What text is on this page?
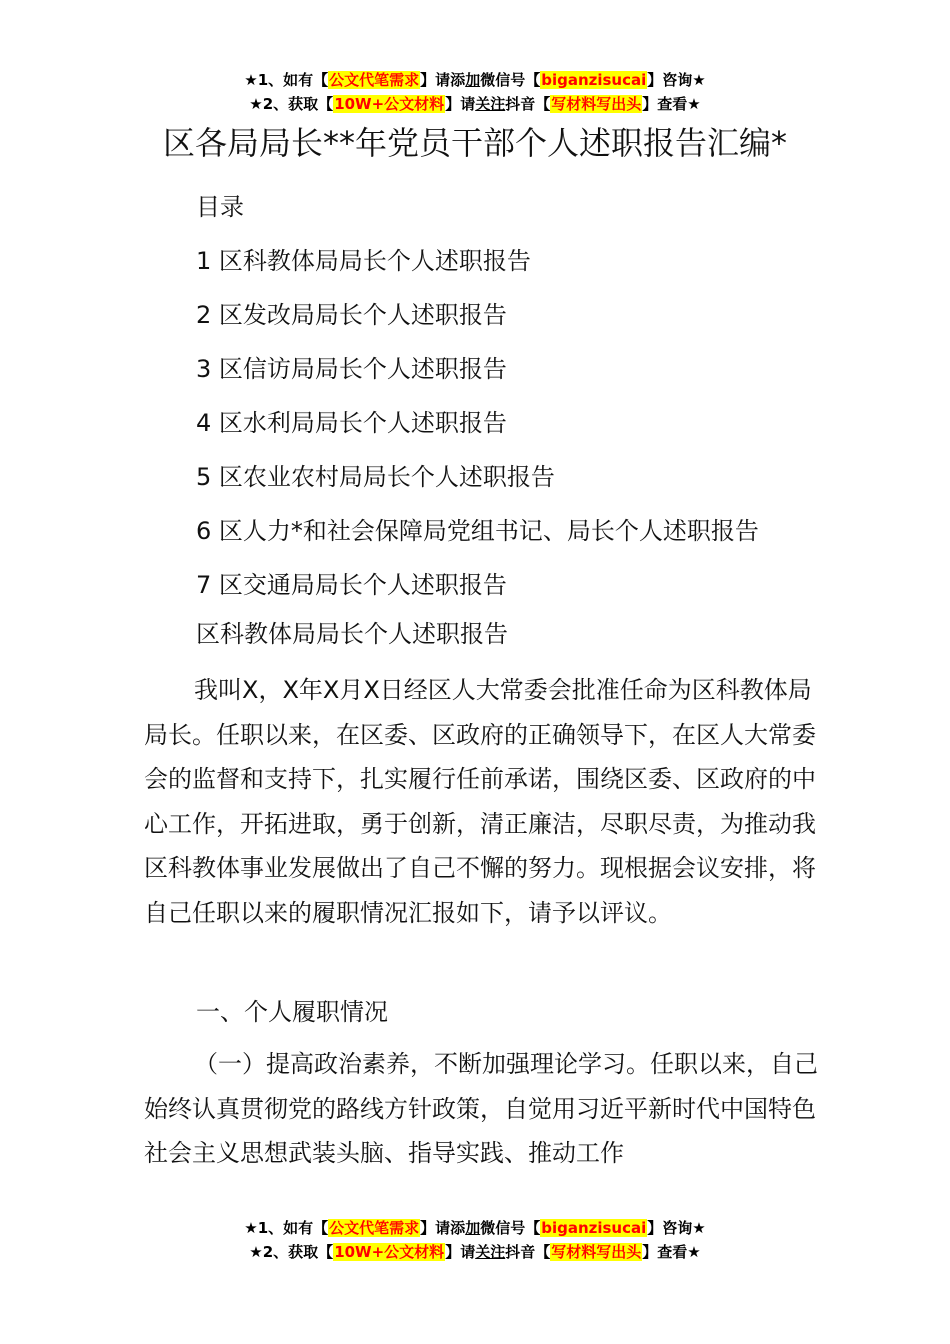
★1、如有【公文代笔需求】请添加微信号【biganzisucai】咨询★
★2、获取【10W+公文材料】请关注抖音【写材料写出头】查看★
区各局局长**年党员干部个人述职报告汇编*
目录
1 区科教体局局长个人述职报告
2 区发改局局长个人述职报告
3 区信访局局长个人述职报告
4 区水利局局长个人述职报告
5 区农业农村局局长个人述职报告
6 区人力*和社会保障局党组书记、局长个人述职报告
7 区交通局局长个人述职报告
区科教体局局长个人述职报告

我叫X，X年X月X日经区人大常委会批准任命为区科教体局局长。任职以来，在区委、区政府的正确领导下，在区人大常委会的监督和支持下，扎实履行任前承诺，围绕区委、区政府的中心工作，开拓进取，勇于创新，清正廉洁，尽职尽责，为推动我区科教体事业发展做出了自己不懈的努力。现根据会议安排，将自己任职以来的履职情况汇报如下，请予以评议。

一、个人履职情况

（一）提高政治素养，不断加强理论学习。任职以来，自己始终认真贯彻党的路线方针政策，自觉用习近平新时代中国特色社会主义思想武装头脑、指导实践、推动工作

★1、如有【公文代笔需求】请添加微信号【biganzisucai】咨询★
★2、获取【10W+公文材料】请关注抖音【写材料写出头】查看★
